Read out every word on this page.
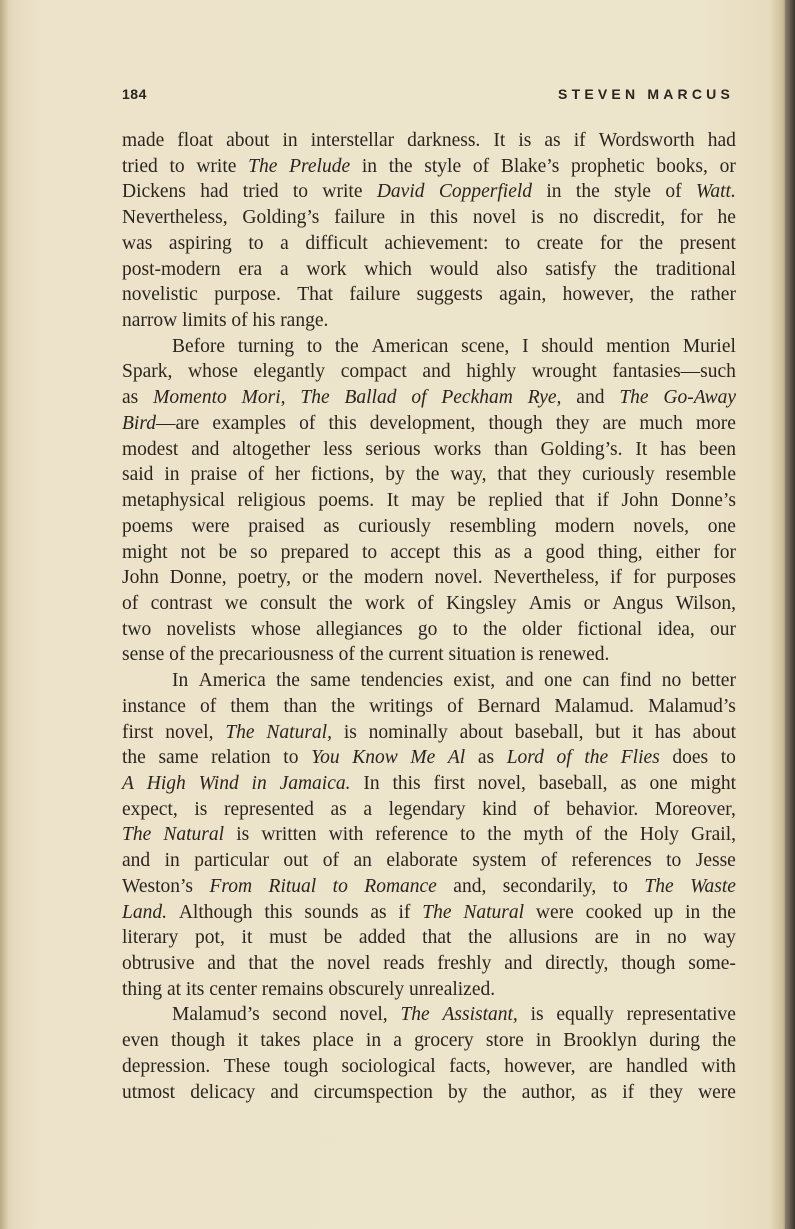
184	STEVEN MARCUS
made float about in interstellar darkness. It is as if Wordsworth had
tried to write The Prelude in the style of Blake’s prophetic books, or
Dickens had tried to write David Copperfield in the style of Watt.
Nevertheless, Golding’s failure in this novel is no discredit, for he
was aspiring to a difficult achievement: to create for the present
post-modern era a work which would also satisfy the traditional
novelistic purpose. That failure suggests again, however, the rather
narrow limits of his range.
Before turning to the American scene, I should mention Muriel
Spark, whose elegantly compact and highly wrought fantasies—such
as Momento Mori, The Ballad of Peckham Rye, and The Go-Away
Bird—are examples of this development, though they are much more
modest and altogether less serious works than Golding’s. It has been
said in praise of her fictions, by the way, that they curiously resemble
metaphysical religious poems. It may be replied that if John Donne’s
poems were praised as curiously resembling modern novels, one
might not be so prepared to accept this as a good thing, either for
John Donne, poetry, or the modern novel. Nevertheless, if for purposes
of contrast we consult the work of Kingsley Amis or Angus Wilson,
two novelists whose allegiances go to the older fictional idea, our
sense of the precariousness of the current situation is renewed.
In America the same tendencies exist, and one can find no better
instance of them than the writings of Bernard Malamud. Malamud’s
first novel, The Natural, is nominally about baseball, but it has about
the same relation to You Know Me Al as Lord of the Flies does to
A High Wind in Jamaica. In this first novel, baseball, as one might
expect, is represented as a legendary kind of behavior. Moreover,
The Natural is written with reference to the myth of the Holy Grail,
and in particular out of an elaborate system of references to Jesse
Weston’s From Ritual to Romance and, secondarily, to The Waste
Land. Although this sounds as if The Natural were cooked up in the
literary pot, it must be added that the allusions are in no way
obtrusive and that the novel reads freshly and directly, though some-
thing at its center remains obscurely unrealized.
Malamud’s second novel, The Assistant, is equally representative
even though it takes place in a grocery store in Brooklyn during the
depression. These tough sociological facts, however, are handled with
utmost delicacy and circumspection by the author, as if they were
